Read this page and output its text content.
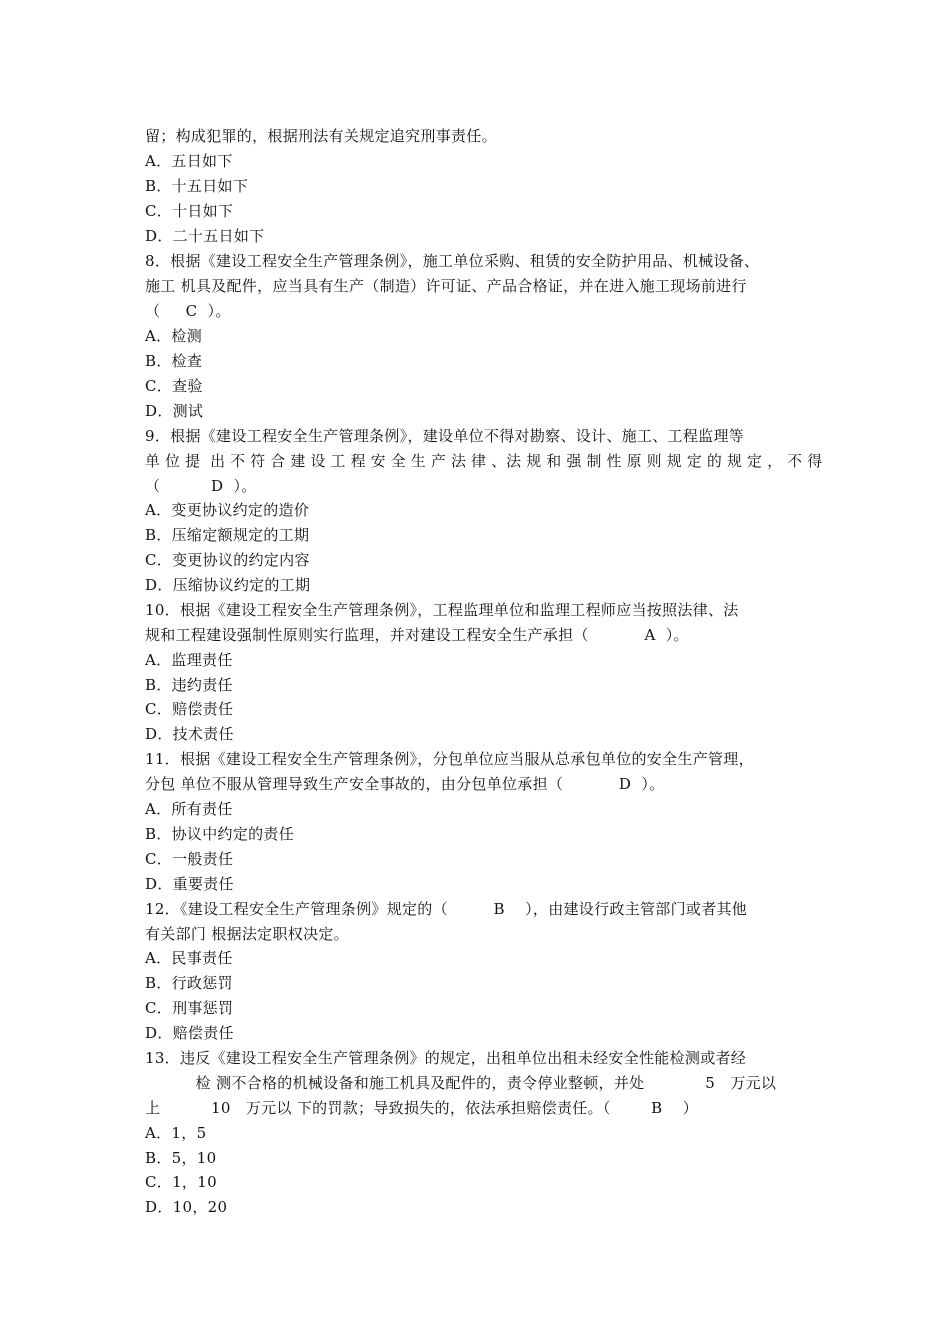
留；构成犯罪的，根据刑法有关规定追究刑事责任。
A．五日如下
B．十五日如下
C．十日如下
D．二十五日如下
8．根据《建设工程安全生产管理条例》，施工单位采购、租赁的安全防护用品、机械设备、
施工 机具及配件，应当具有生产（制造）许可证、产品合格证，并在进入施工现场前进行
（     C  ）。
A．检测
B．检查
C．查验
D．测试
9．根据《建设工程安全生产管理条例》，建设单位不得对勘察、设计、施工、工程监理等
单 位 提  出 不 符 合 建 设 工 程 安 全 生 产 法 律 、法 规 和 强 制 性 原 则 规 定 的 规 定 ， 不 得
（          D  ）。
A．变更协议约定的造价
B．压缩定额规定的工期
C．变更协议的约定内容
D．压缩协议约定的工期
10．根据《建设工程安全生产管理条例》，工程监理单位和监理工程师应当按照法律、法
规和工程建设强制性原则实行监理，并对建设工程安全生产承担（           A  ）。
A．监理责任
B．违约责任
C．赔偿责任
D．技术责任
11．根据《建设工程安全生产管理条例》，分包单位应当服从总承包单位的安全生产管理，
分包 单位不服从管理导致生产安全事故的，由分包单位承担（           D  ）。
A．所有责任
B．协议中约定的责任
C．一般责任
D．重要责任
12．《建设工程安全生产管理条例》规定的（         B    ），由建设行政主管部门或者其他
有关部门 根据法定职权决定。
A．民事责任
B．行政惩罚
C．刑事惩罚
D．赔偿责任
13．违反《建设工程安全生产管理条例》的规定，出租单位出租未经安全性能检测或者经
检 测不合格的机械设备和施工机具及配件的，责令停业整顿，并处            5   万元以
上          10   万元以 下的罚款；导致损失的，依法承担赔偿责任。（        B    ）
A．1，5
B．5，10
C．1，10
D．10，20
